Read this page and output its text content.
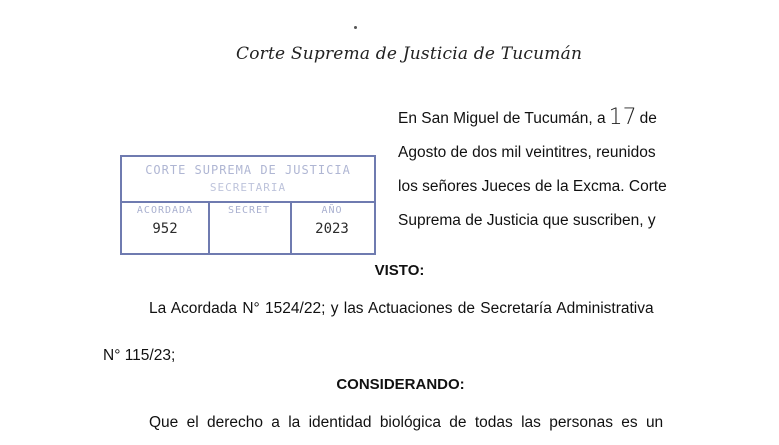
Corte Suprema de Justicia de Tucumán
En San Miguel de Tucumán, a 17 de
Agosto de dos mil veintitres, reunidos
los señores Jueces de la Excma. Corte
Suprema de Justicia que suscriben, y
CORTE SUPREMA DE JUSTICIA
SECRETARIA
ACORDADA
952
SECRET	AÑO
2023
VISTO:
La Acordada N° 1524/22; y las Actuaciones de Secretaría Administrativa
N° 115/23;
CONSIDERANDO:
Que el derecho a la identidad biológica de todas las personas es un
